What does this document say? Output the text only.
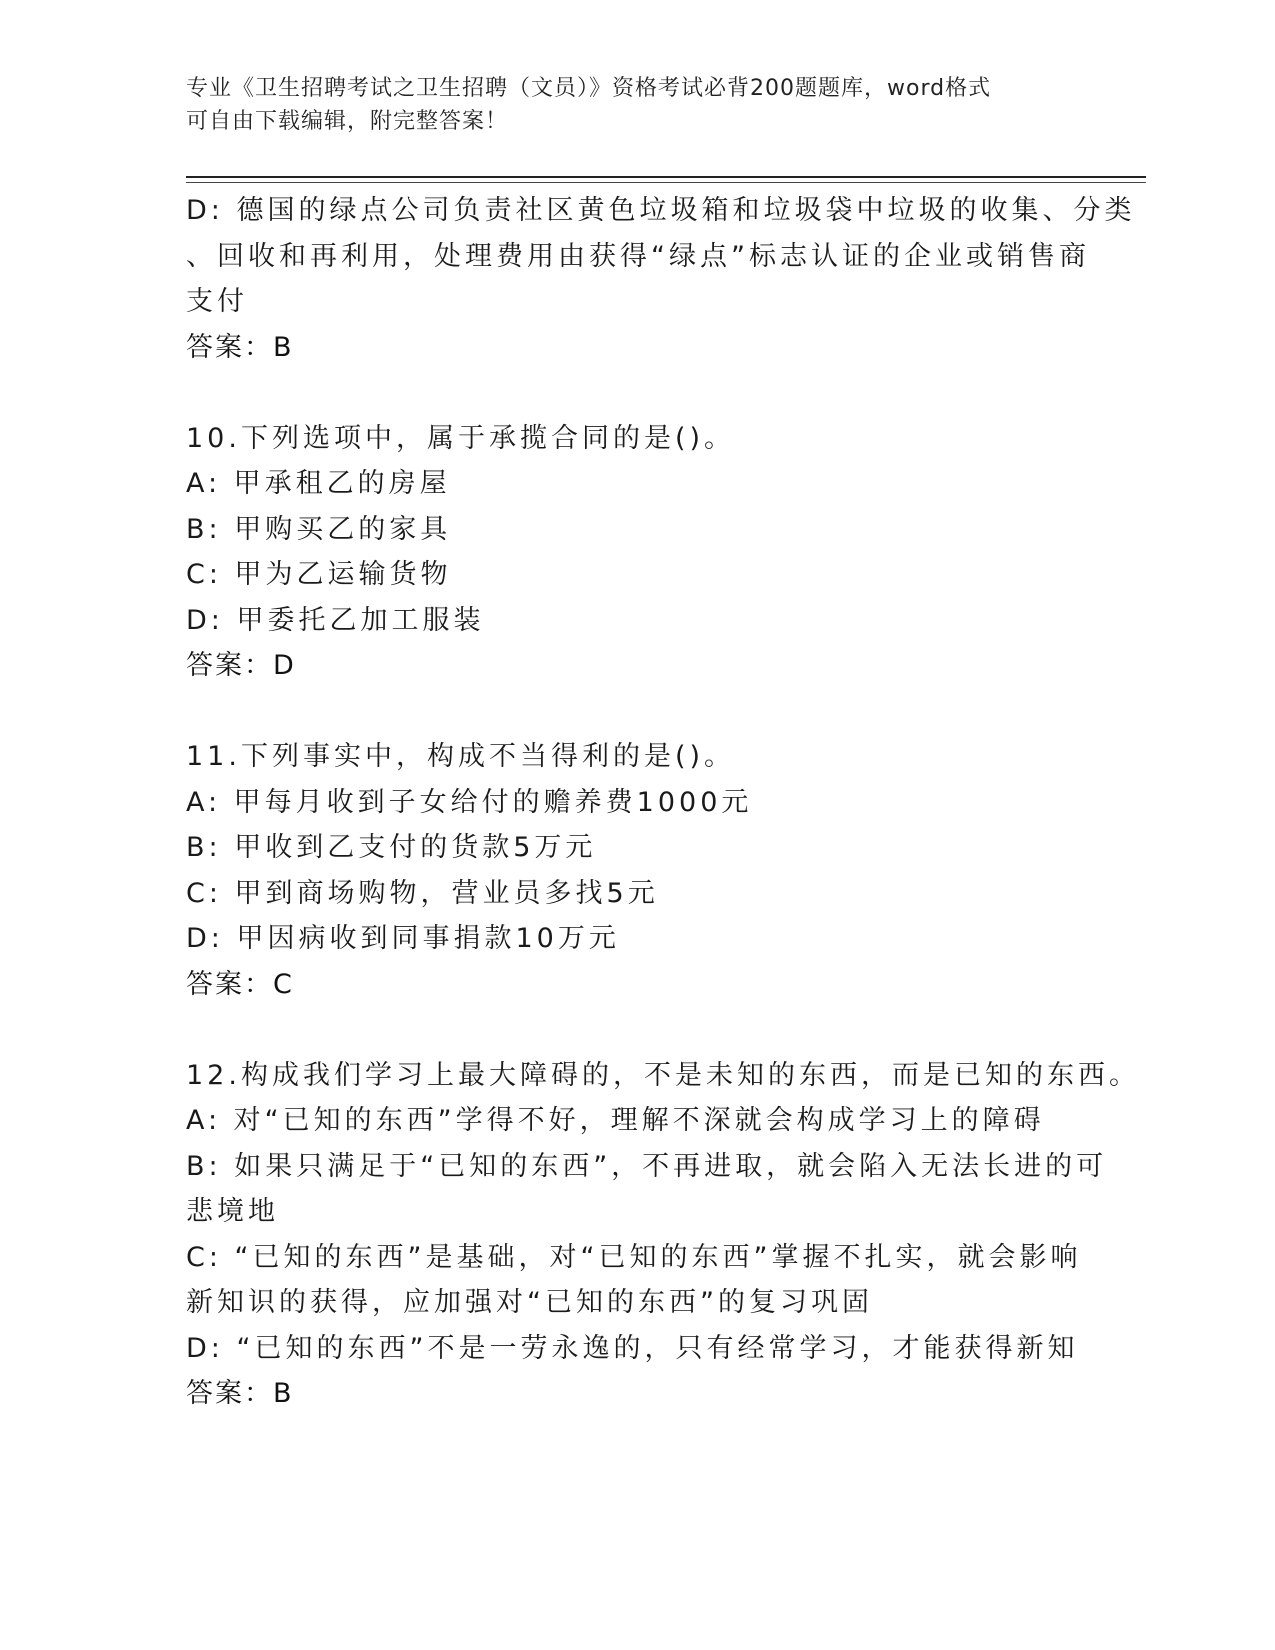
专业《卫生招聘考试之卫生招聘（文员）》资格考试必背200题题库，word格式
可自由下载编辑，附完整答案！
D: 德国的绿点公司负责社区黄色垃圾箱和垃圾袋中垃圾的收集、分类
、回收和再利用，处理费用由获得“绿点”标志认证的企业或销售商
支付
答案：B
10.下列选项中，属于承揽合同的是()。
A: 甲承租乙的房屋
B: 甲购买乙的家具
C: 甲为乙运输货物
D: 甲委托乙加工服装
答案：D
11.下列事实中，构成不当得利的是()。
A: 甲每月收到子女给付的赡养费1000元
B: 甲收到乙支付的货款5万元
C: 甲到商场购物，营业员多找5元
D: 甲因病收到同事捐款10万元
答案：C
12.构成我们学习上最大障碍的，不是未知的东西，而是已知的东西。
A: 对“已知的东西”学得不好，理解不深就会构成学习上的障碍
B: 如果只满足于“已知的东西”，不再进取，就会陷入无法长进的可
悲境地
C: “已知的东西”是基础，对“已知的东西”掌握不扎实，就会影响
新知识的获得，应加强对“已知的东西”的复习巩固
D: “已知的东西”不是一劳永逸的，只有经常学习，才能获得新知
答案：B
